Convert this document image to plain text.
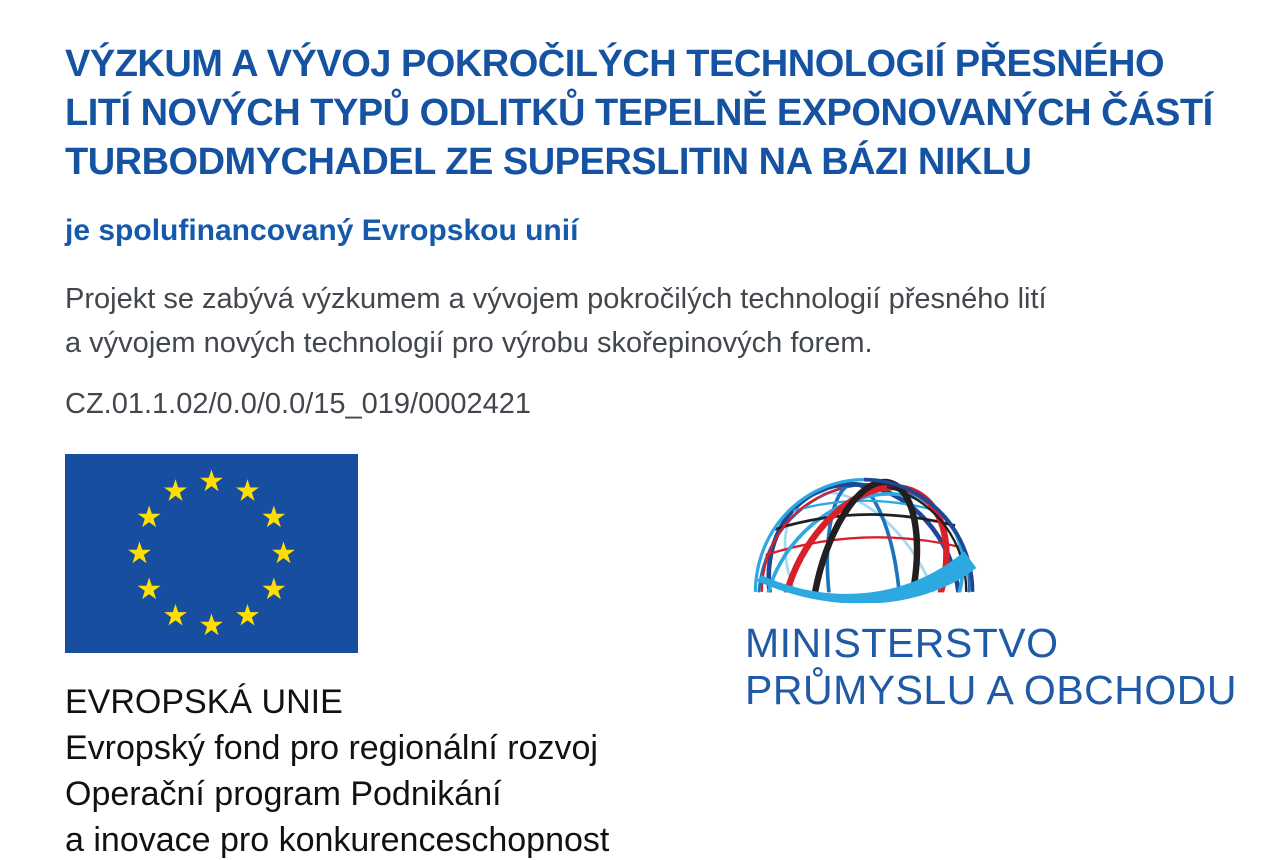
VÝZKUM A VÝVOJ POKROČILÝCH TECHNOLOGIÍ PŘESNÉHO
LITÍ NOVÝCH TYPŮ ODLITKŮ TEPELNĚ EXPONOVANÝCH ČÁSTÍ
TURBODMYCHADEL ZE SUPERSLITIN NA BÁZI NIKLU
je spolufinancovaný Evropskou unií

Projekt se zabývá výzkumem a vývojem pokročilých technologií přesného lití
a vývojem nových technologií pro výrobu skořepinových forem.

CZ.01.1.02/0.0/0.0/15_019/0002421

EVROPSKÁ UNIE
Evropský fond pro regionální rozvoj
Operační program Podnikání
a inovace pro konkurenceschopnost
MINISTERSTVO
PRŮMYSLU A OBCHODU
